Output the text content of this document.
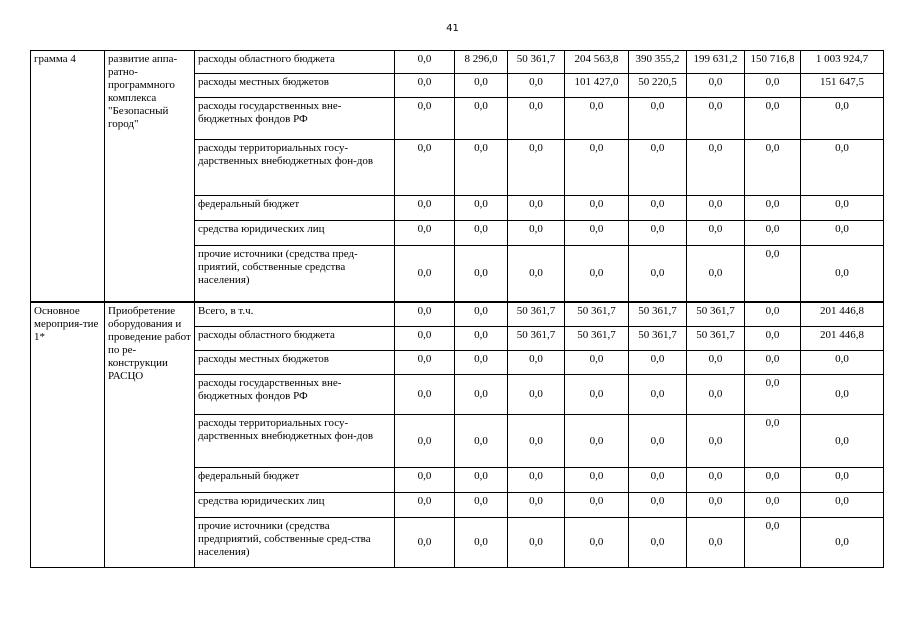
41
грамма 4	развитие аппа-ратно-программного комплекса "Безопасный город"	расходы областного бюджета	0,0	8 296,0	50 361,7	204 563,8	390 355,2	199 631,2	150 716,8	1 003 924,7
		расходы местных бюджетов	0,0	0,0	0,0	101 427,0	50 220,5	0,0	0,0	151 647,5
		расходы государственных вне-бюджетных фондов РФ	0,0	0,0	0,0	0,0	0,0	0,0	0,0	0,0
		расходы территориальных госу-дарственных внебюджетных фон-дов	0,0	0,0	0,0	0,0	0,0	0,0	0,0	0,0
		федеральный бюджет	0,0	0,0	0,0	0,0	0,0	0,0	0,0	0,0
		средства юридических лиц	0,0	0,0	0,0	0,0	0,0	0,0	0,0	0,0
		прочие источники (средства пред-приятий, собственные средства населения)	0,0	0,0	0,0	0,0	0,0	0,0	0,0	0,0
Основное мероприя-тие 1*	Приобретение оборудования и проведение работ по ре-конструкции РАСЦО	Всего, в т.ч.	0,0	0,0	50 361,7	50 361,7	50 361,7	50 361,7	0,0	201 446,8
		расходы областного бюджета	0,0	0,0	50 361,7	50 361,7	50 361,7	50 361,7	0,0	201 446,8
		расходы местных бюджетов	0,0	0,0	0,0	0,0	0,0	0,0	0,0	0,0
		расходы государственных вне-бюджетных фондов РФ	0,0	0,0	0,0	0,0	0,0	0,0	0,0	0,0
		расходы территориальных госу-дарственных внебюджетных фон-дов	0,0	0,0	0,0	0,0	0,0	0,0	0,0	0,0
		федеральный бюджет	0,0	0,0	0,0	0,0	0,0	0,0	0,0	0,0
		средства юридических лиц	0,0	0,0	0,0	0,0	0,0	0,0	0,0	0,0
		прочие источники (средства предприятий, собственные сред-ства населения)	0,0	0,0	0,0	0,0	0,0	0,0	0,0	0,0
